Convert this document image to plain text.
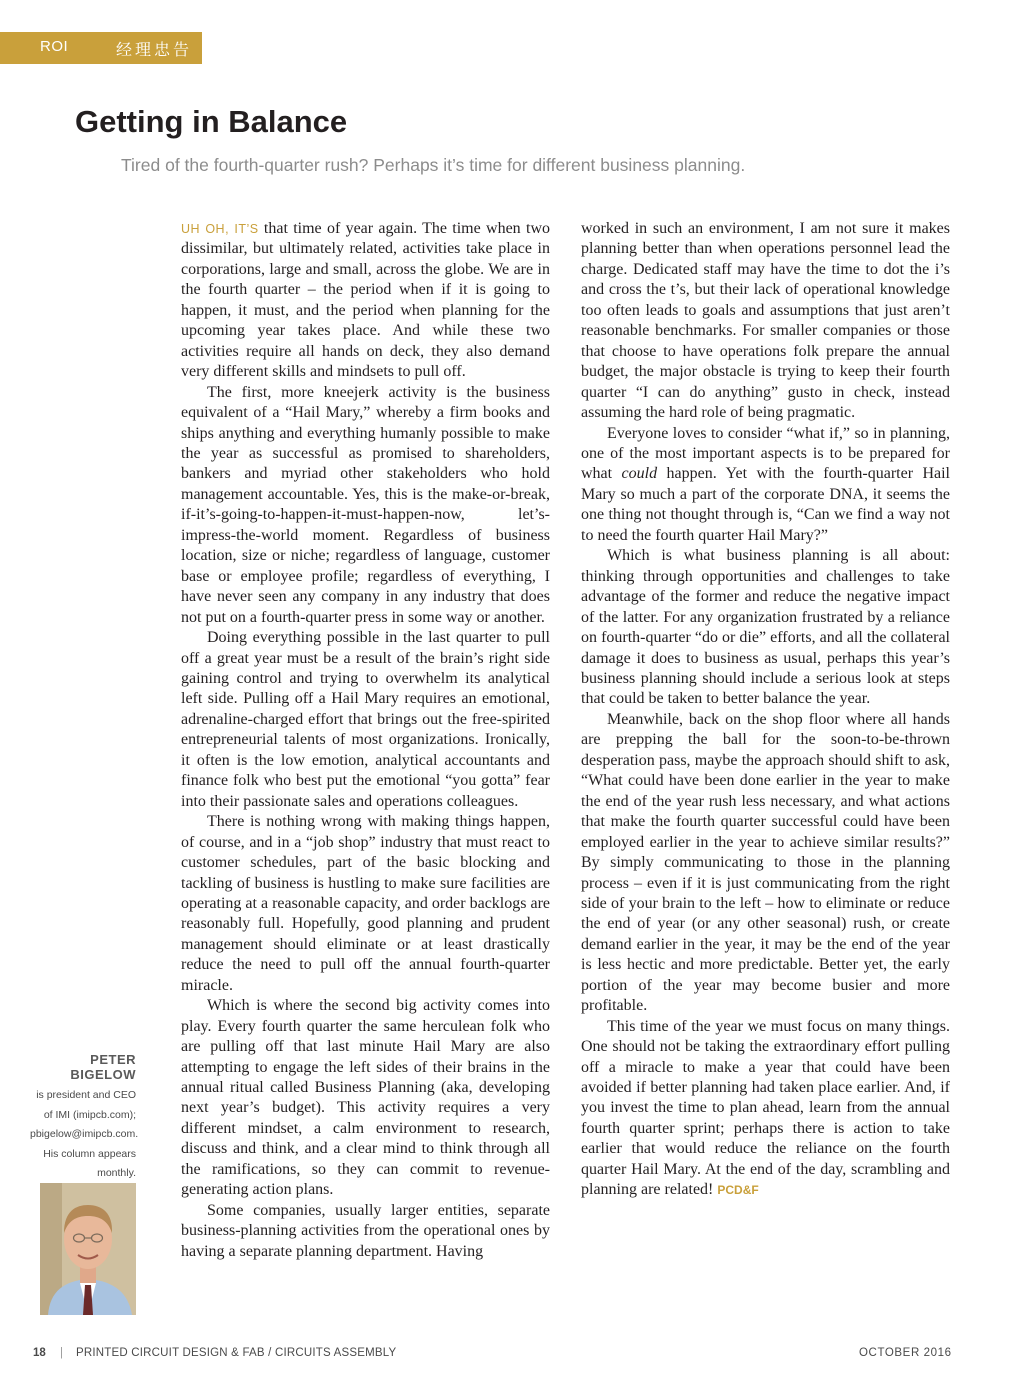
ROI	经理忠告
Getting in Balance
Tired of the fourth-quarter rush? Perhaps it’s time for different business planning.

UH OH, IT’S that time of year again. The time when two dissimilar, but ultimately related, activities take place in corporations, large and small, across the globe. We are in the fourth quarter – the period when if it is going to happen, it must, and the period when planning for the upcoming year takes place. And while these two activities require all hands on deck, they also demand very different skills and mindsets to pull off.

The first, more kneejerk activity is the business equivalent of a “Hail Mary,” whereby a firm books and ships anything and everything humanly possible to make the year as successful as promised to shareholders, bankers and myriad other stakeholders who hold management accountable. Yes, this is the make-or-break, if-it’s-going-to-happen-it-must-happen-now, let’s-impress-the-world moment. Regardless of business location, size or niche; regardless of language, customer base or employee profile; regardless of everything, I have never seen any company in any industry that does not put on a fourth-quarter press in some way or another.

Doing everything possible in the last quarter to pull off a great year must be a result of the brain’s right side gaining control and trying to overwhelm its analytical left side. Pulling off a Hail Mary requires an emotional, adrenaline-charged effort that brings out the free-spirited entrepreneurial talents of most organizations. Ironically, it often is the low emotion, analytical accountants and finance folk who best put the emotional “you gotta” fear into their passionate sales and operations colleagues.

There is nothing wrong with making things happen, of course, and in a “job shop” industry that must react to customer schedules, part of the basic blocking and tackling of business is hustling to make sure facilities are operating at a reasonable capacity, and order backlogs are reasonably full. Hopefully, good planning and prudent management should eliminate or at least drastically reduce the need to pull off the annual fourth-quarter miracle.

Which is where the second big activity comes into play. Every fourth quarter the same herculean folk who are pulling off that last minute Hail Mary are also attempting to engage the left sides of their brains in the annual ritual called Business Planning (aka, developing next year’s budget). This activity requires a very different mindset, a calm environment to research, discuss and think, and a clear mind to think through all the ramifications, so they can commit to revenue-generating action plans.

Some companies, usually larger entities, separate business-planning activities from the operational ones by having a separate planning department. Having

worked in such an environment, I am not sure it makes planning better than when operations personnel lead the charge. Dedicated staff may have the time to dot the i’s and cross the t’s, but their lack of operational knowledge too often leads to goals and assumptions that just aren’t reasonable benchmarks. For smaller companies or those that choose to have operations folk prepare the annual budget, the major obstacle is trying to keep their fourth quarter “I can do anything” gusto in check, instead assuming the hard role of being pragmatic.

Everyone loves to consider “what if,” so in planning, one of the most important aspects is to be prepared for what could happen. Yet with the fourth-quarter Hail Mary so much a part of the corporate DNA, it seems the one thing not thought through is, “Can we find a way not to need the fourth quarter Hail Mary?”

Which is what business planning is all about: thinking through opportunities and challenges to take advantage of the former and reduce the negative impact of the latter. For any organization frustrated by a reliance on fourth-quarter “do or die” efforts, and all the collateral damage it does to business as usual, perhaps this year’s business planning should include a serious look at steps that could be taken to better balance the year.

Meanwhile, back on the shop floor where all hands are prepping the ball for the soon-to-be-thrown desperation pass, maybe the approach should shift to ask, “What could have been done earlier in the year to make the end of the year rush less necessary, and what actions that make the fourth quarter successful could have been employed earlier in the year to achieve similar results?” By simply communicating to those in the planning process – even if it is just communicating from the right side of your brain to the left – how to eliminate or reduce the end of year (or any other seasonal) rush, or create demand earlier in the year, it may be the end of the year is less hectic and more predictable. Better yet, the early portion of the year may become busier and more profitable.

This time of the year we must focus on many things. One should not be taking the extraordinary effort pulling off a miracle to make a year that could have been avoided if better planning had taken place earlier. And, if you invest the time to plan ahead, learn from the annual fourth quarter sprint; perhaps there is action to take earlier that would reduce the reliance on the fourth quarter Hail Mary. At the end of the day, scrambling and planning are related! PCD&F

PETER BIGELOW
is president and CEO of IMI (imipcb.com); pbigelow@imipcb.com. His column appears monthly.
18 | PRINTED CIRCUIT DESIGN & FAB / CIRCUITS ASSEMBLY	OCTOBER 2016
